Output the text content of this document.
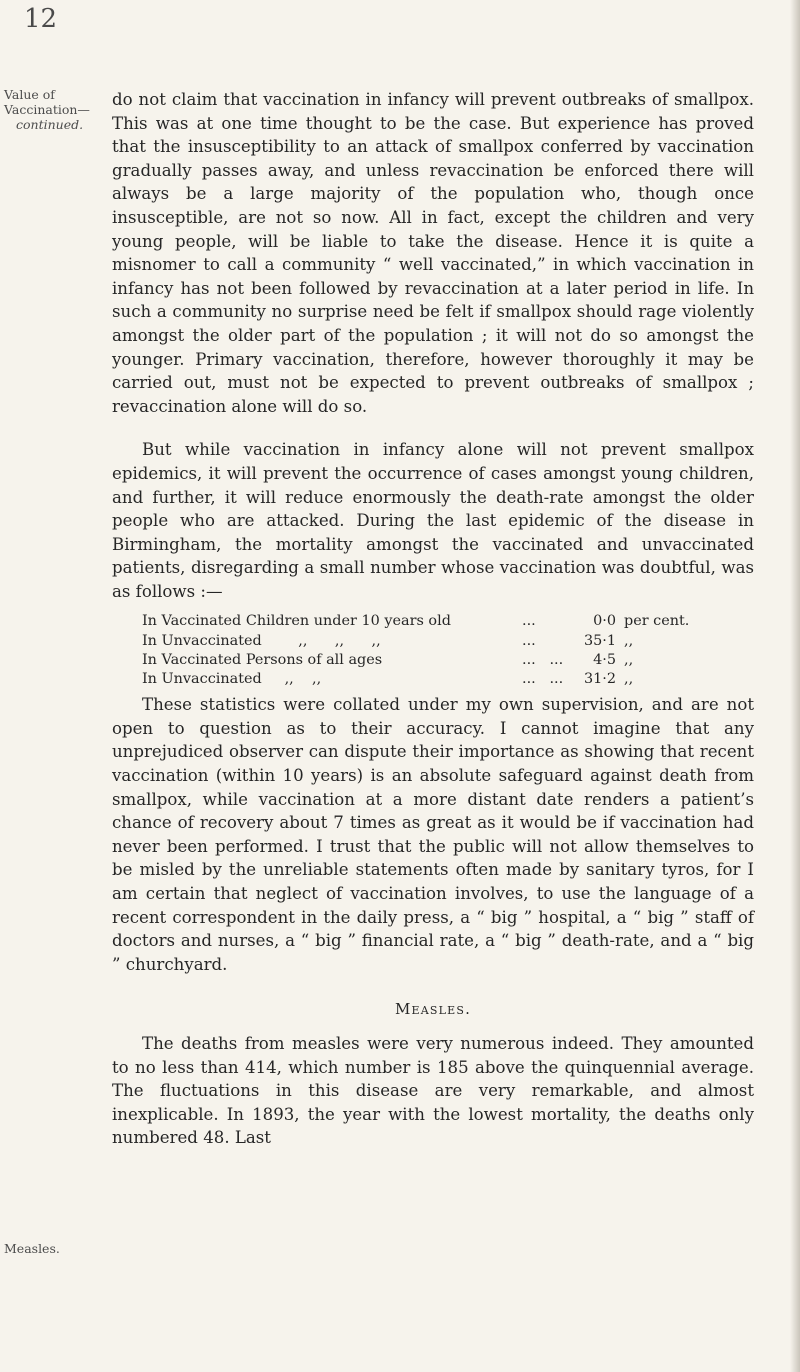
12
Value of
Vaccination—
continued.
Measles.

do not claim that vaccination in infancy will prevent outbreaks of smallpox. This was at one time thought to be the case. But experience has proved that the insusceptibility to an attack of smallpox conferred by vaccination gradually passes away, and unless revaccination be enforced there will always be a large majority of the population who, though once insusceptible, are not so now. All in fact, except the children and very young people, will be liable to take the disease. Hence it is quite a misnomer to call a community “ well vaccinated,” in which vaccination in infancy has not been followed by revaccination at a later period in life. In such a community no surprise need be felt if smallpox should rage violently amongst the older part of the population ; it will not do so amongst the younger. Primary vaccination, therefore, however thoroughly it may be carried out, must not be expected to prevent outbreaks of smallpox ; revaccination alone will do so.

But while vaccination in infancy alone will not prevent smallpox epidemics, it will prevent the occurrence of cases amongst young children, and further, it will reduce enormously the death-rate amongst the older people who are attacked. During the last epidemic of the disease in Birmingham, the mortality amongst the vaccinated and unvaccinated patients, disregarding a small number whose vaccination was doubtful, was as follows :—

In Vaccinated Children under 10 years old	...	0·0 per cent.
In Unvaccinated        ,,      ,,      ,,	...	35·1 ,,
In Vaccinated Persons of all ages	...   ...	4·5 ,,
In Unvaccinated     ,,    ,,	...   ...	31·2 ,,

These statistics were collated under my own supervision, and are not open to question as to their accuracy. I cannot imagine that any unprejudiced observer can dispute their importance as showing that recent vaccination (within 10 years) is an absolute safeguard against death from smallpox, while vaccination at a more distant date renders a patient’s chance of recovery about 7 times as great as it would be if vaccination had never been performed. I trust that the public will not allow themselves to be misled by the unreliable statements often made by sanitary tyros, for I am certain that neglect of vaccination involves, to use the language of a recent correspondent in the daily press, a “ big ” hospital, a “ big ” staff of doctors and nurses, a “ big ” financial rate, a “ big ” death-rate, and a “ big ” churchyard.

Measles.

The deaths from measles were very numerous indeed. They amounted to no less than 414, which number is 185 above the quinquennial average. The fluctuations in this disease are very remarkable, and almost inexplicable. In 1893, the year with the lowest mortality, the deaths only numbered 48. Last
